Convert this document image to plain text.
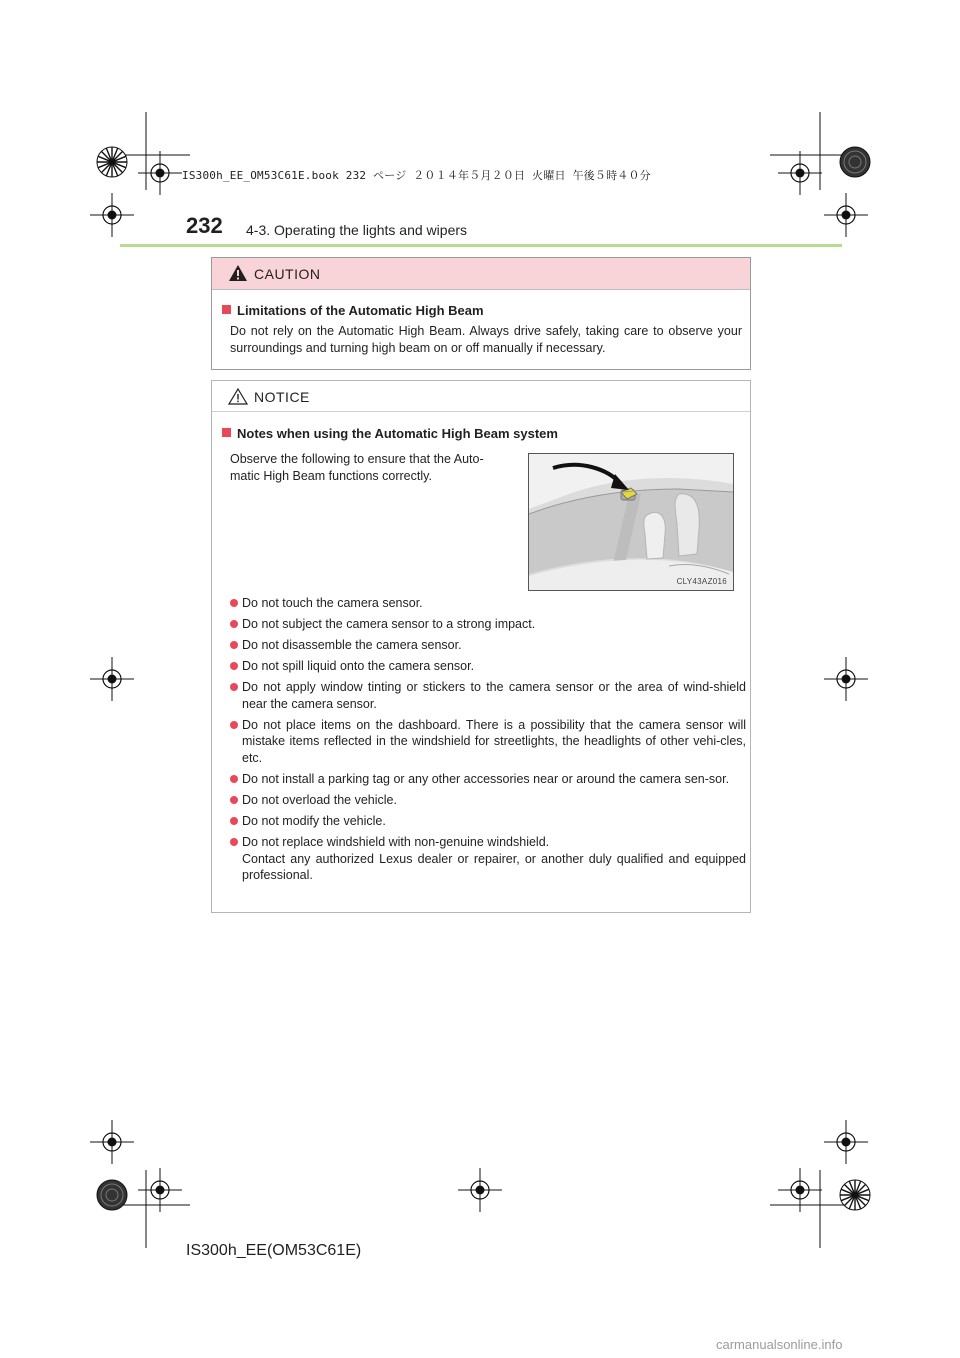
IS300h_EE_OM53C61E.book 232 ページ ２０１４年５月２０日 火曜日 午後５時４０分
232 4-3. Operating the lights and wipers
CAUTION
Limitations of the Automatic High Beam
Do not rely on the Automatic High Beam. Always drive safely, taking care to observe your surroundings and turning high beam on or off manually if necessary.
NOTICE
Notes when using the Automatic High Beam system
Observe the following to ensure that the Auto-matic High Beam functions correctly.
CLY43AZ016
Do not touch the camera sensor.
Do not subject the camera sensor to a strong impact.
Do not disassemble the camera sensor.
Do not spill liquid onto the camera sensor.
Do not apply window tinting or stickers to the camera sensor or the area of wind-shield near the camera sensor.
Do not place items on the dashboard. There is a possibility that the camera sensor will mistake items reflected in the windshield for streetlights, the headlights of other vehi-cles, etc.
Do not install a parking tag or any other accessories near or around the camera sen-sor.
Do not overload the vehicle.
Do not modify the vehicle.
Do not replace windshield with non-genuine windshield.
Contact any authorized Lexus dealer or repairer, or another duly qualified and equipped professional.
IS300h_EE(OM53C61E)
carmanualsonline.info
